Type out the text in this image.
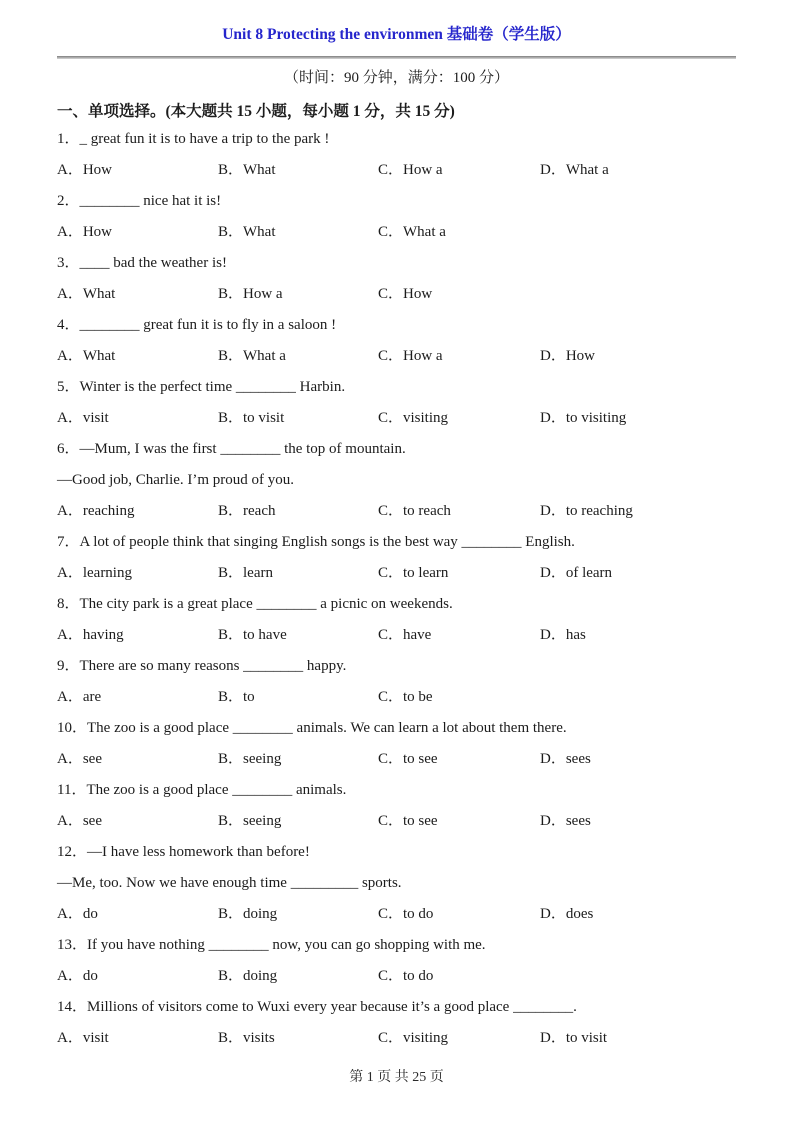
Unit 8 Protecting the environmen 基础卷（学生版）
（时间：90 分钟，满分：100 分）
一、单项选择。(本大题共 15 小题，每小题 1 分，共 15 分)
1．_ great fun it is to have a trip to the park !
A．How	B．What	C．How a	D．What a
2．________ nice hat it is!
A．How	B．What	C．What a
3．____ bad the weather is!
A．What	B．How a	C．How
4．________ great fun it is to fly in a saloon !
A．What	B．What a	C．How a	D．How
5．Winter is the perfect time ________ Harbin.
A．visit	B．to visit	C．visiting	D．to visiting
6．—Mum, I was the first ________ the top of mountain.
—Good job, Charlie. I’m proud of you.
A．reaching	B．reach	C．to reach	D．to reaching
7．A lot of people think that singing English songs is the best way ________ English.
A．learning	B．learn	C．to learn	D．of learn
8．The city park is a great place ________ a picnic on weekends.
A．having	B．to have	C．have	D．has
9．There are so many reasons ________ happy.
A．are	B．to	C．to be
10．The zoo is a good place ________ animals. We can learn a lot about them there.
A．see	B．seeing	C．to see	D．sees
11．The zoo is a good place ________ animals.
A．see	B．seeing	C．to see	D．sees
12．—I have less homework than before!
—Me, too. Now we have enough time _________ sports.
A．do	B．doing	C．to do	D．does
13．If you have nothing ________ now, you can go shopping with me.
A．do	B．doing	C．to do
14．Millions of visitors come to Wuxi every year because it’s a good place ________.
A．visit	B．visits	C．visiting	D．to visit
第 1 页 共 25 页
